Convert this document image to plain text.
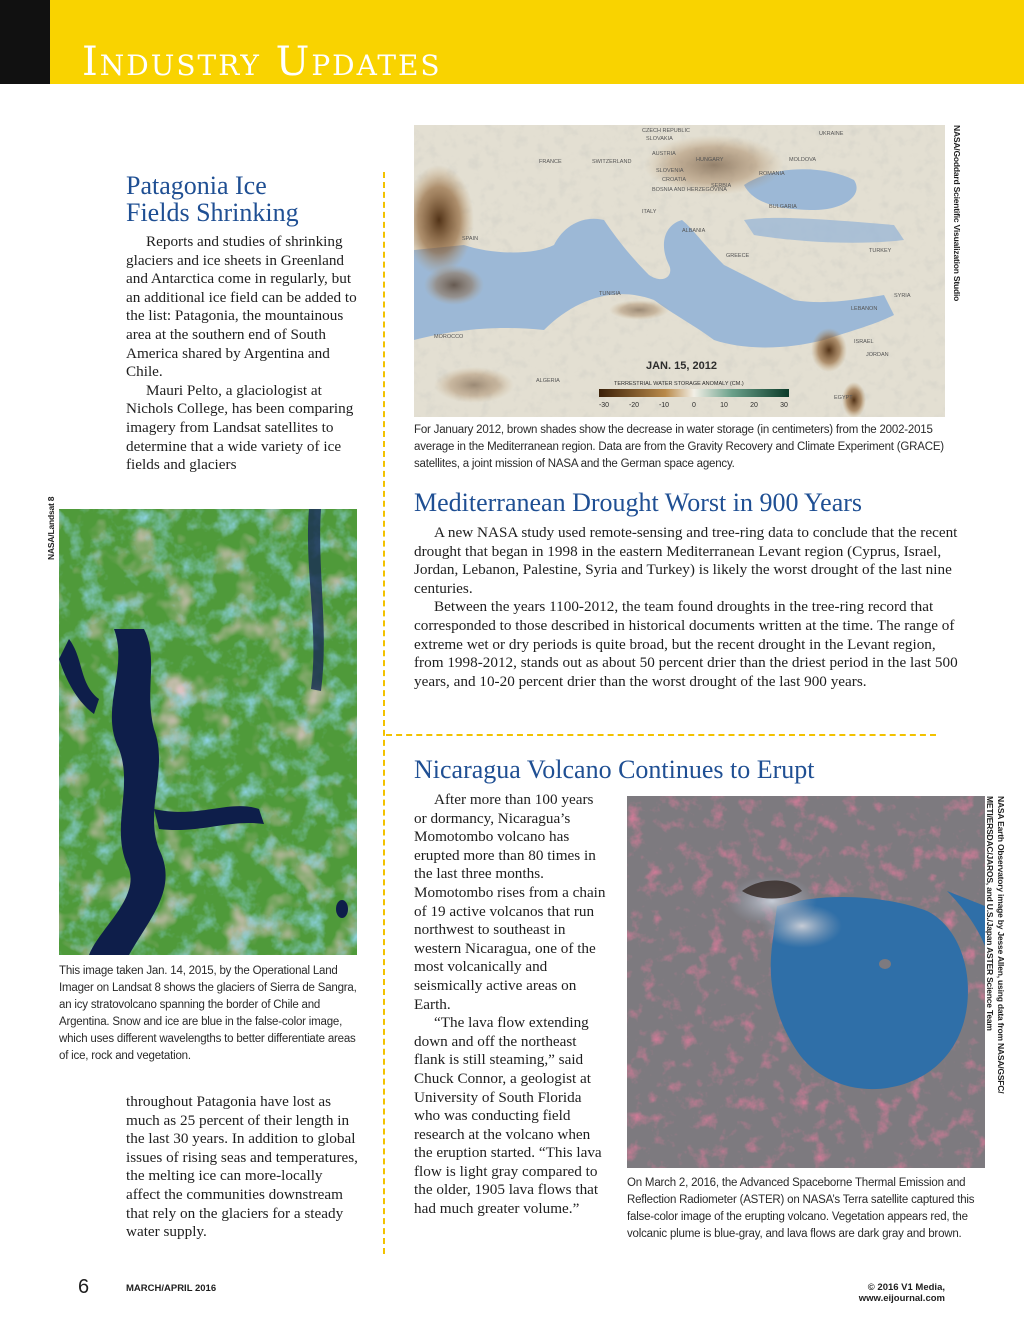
Industry Updates
Patagonia Ice
Fields Shrinking

Reports and studies of shrinking glaciers and ice sheets in Greenland and Antarctica come in regularly, but an additional ice field can be added to the list: Patagonia, the mountainous area at the southern end of South America shared by Argentina and Chile.

Mauri Pelto, a glaciologist at Nichols College, has been comparing imagery from Landsat satellites to determine that a wide variety of ice fields and glaciers

NASA/Landsat 8
This image taken Jan. 14, 2015, by the Operational Land Imager on Landsat 8 shows the glaciers of Sierra de Sangra, an icy stratovolcano spanning the border of Chile and Argentina. Snow and ice are blue in the false-color image, which uses different wavelengths to better differentiate areas of ice, rock and vegetation.

throughout Patagonia have lost as much as 25 percent of their length in the last 30 years. In addition to global issues of rising seas and temperatures, the melting ice can more-locally affect the communities downstream that rely on the glaciers for a steady water supply.

CZECH REPUBLIC
SLOVAKIA
UKRAINE
AUSTRIA
HUNGARY	MOLDOVA
FRANCE	SWITZERLAND
SLOVENIA	ROMANIA
CROATIA
BOSNIA AND HERZEGOVINA
SERBIA
BULGARIA
ITALY
ALBANIA
GREECE
SPAIN
TURKEY
SYRIA
LEBANON
ISRAEL
JORDAN
TUNISIA
MOROCCO
ALGERIA
EGYPT
JAN. 15, 2012
TERRESTRIAL WATER STORAGE ANOMALY (CM.)
-30	-20	-10	0	10	20	30
NASA/Goddard Scientific Visualization Studio
For January 2012, brown shades show the decrease in water storage (in centimeters) from the 2002-2015 average in the Mediterranean region. Data are from the Gravity Recovery and Climate Experiment (GRACE) satellites, a joint mission of NASA and the German space agency.
Mediterranean Drought Worst in 900 Years

A new NASA study used remote-sensing and tree-ring data to conclude that the recent drought that began in 1998 in the eastern Mediterranean Levant region (Cyprus, Israel, Jordan, Lebanon, Palestine, Syria and Turkey) is likely the worst drought of the last nine centuries.

Between the years 1100-2012, the team found droughts in the tree-ring record that corresponded to those described in historical documents written at the time. The range of extreme wet or dry periods is quite broad, but the recent drought in the Levant region, from 1998-2012, stands out as about 50 percent drier than the driest period in the last 500 years, and 10-20 percent drier than the worst drought of the last 900 years.

Nicaragua Volcano Continues to Erupt

After more than 100 years or dormancy, Nicaragua’s Momotombo volcano has erupted more than 80 times in the last three months. Momotombo rises from a chain of 19 active volcanos that run northwest to southeast in western Nicaragua, one of the most volcanically and seismically active areas on Earth.

“The lava flow extending down and off the northeast flank is still steaming,” said Chuck Connor, a geologist at University of South Florida who was conducting field research at the volcano when the eruption started. “This lava flow is light gray compared to the older, 1905 lava flows that had much greater volume.”

NASA Earth Observatory image by Jesse Allen, using data from NASA/GSFC/
METI/ERSDAC/JAROS, and U.S./Japan ASTER Science Team
On March 2, 2016, the Advanced Spaceborne Thermal Emission and Reflection Radiometer (ASTER) on NASA’s Terra satellite captured this false-color image of the erupting volcano. Vegetation appears red, the volcanic plume is blue-gray, and lava flows are dark gray and brown.
6	MARCH/APRIL 2016	© 2016 V1 Media, www.eijournal.com
